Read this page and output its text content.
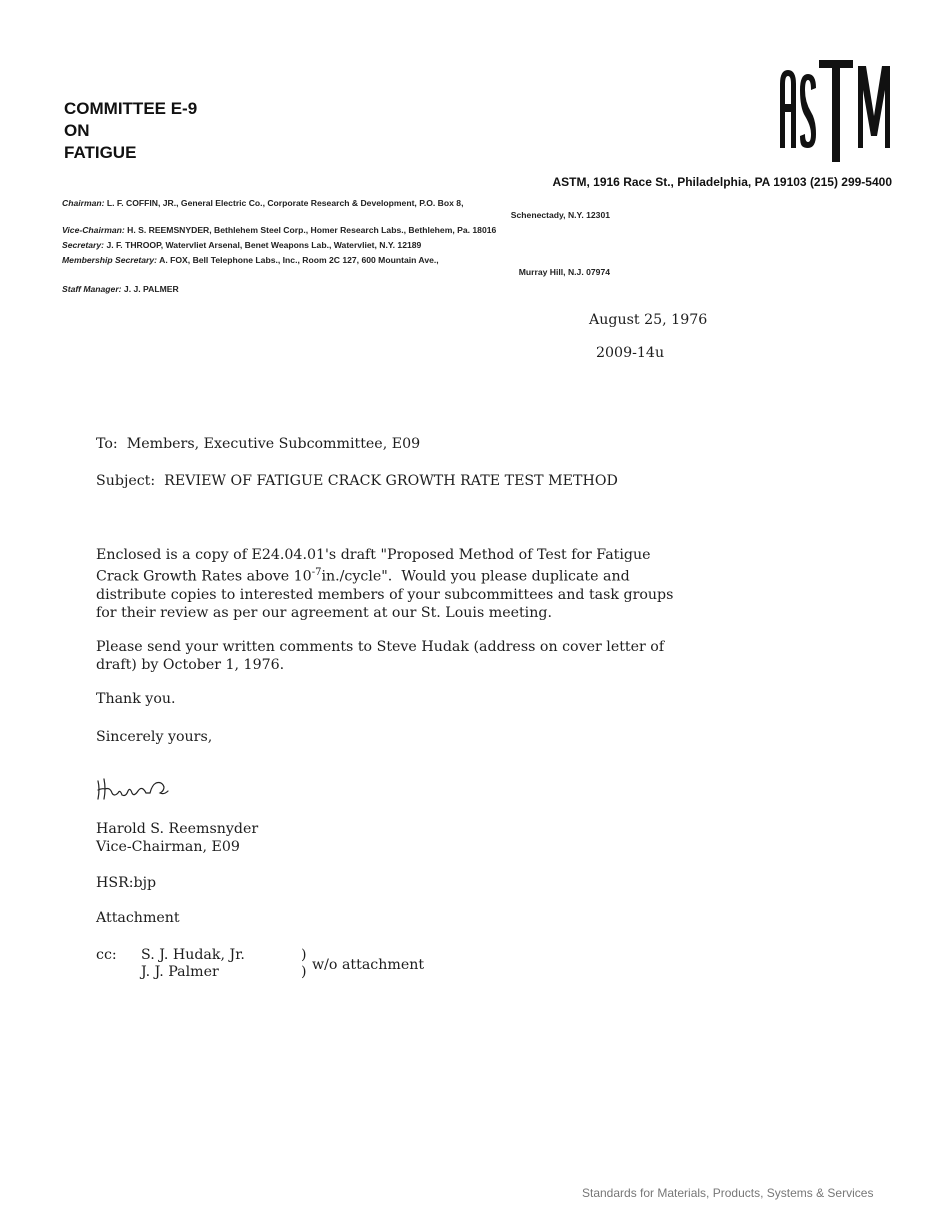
COMMITTEE E-9
ON
FATIGUE
ASTM
ASTM, 1916 Race St., Philadelphia, PA 19103 (215) 299-5400
Chairman: L. F. COFFIN, JR., General Electric Co., Corporate Research & Development, P.O. Box 8,
Schenectady, N.Y. 12301
Vice-Chairman: H. S. REEMSNYDER, Bethlehem Steel Corp., Homer Research Labs., Bethlehem, Pa. 18016
Secretary: J. F. THROOP, Watervliet Arsenal, Benet Weapons Lab., Watervliet, N.Y. 12189
Membership Secretary: A. FOX, Bell Telephone Labs., Inc., Room 2C 127, 600 Mountain Ave.,
Murray Hill, N.J. 07974
Staff Manager: J. J. PALMER
August 25, 1976
2009-14u
To:  Members, Executive Subcommittee, E09
Subject:  REVIEW OF FATIGUE CRACK GROWTH RATE TEST METHOD
Enclosed is a copy of E24.04.01's draft "Proposed Method of Test for Fatigue
Crack Growth Rates above $10^{-7}in$./cycle".  Would you please duplicate and
distribute copies to interested members of your subcommittees and task groups
for their review as per our agreement at our St. Louis meeting.
Please send your written comments to Steve Hudak (address on cover letter of
draft) by October 1, 1976.
Thank you.
Sincerely yours,
Harold S. Reemsnyder
Vice-Chairman, E09
HSR:bjp
Attachment
cc: S. J. Hudak, Jr.	)
J. J. Palmer	) w/o attachment
Standards for Materials, Products, Systems & Services
